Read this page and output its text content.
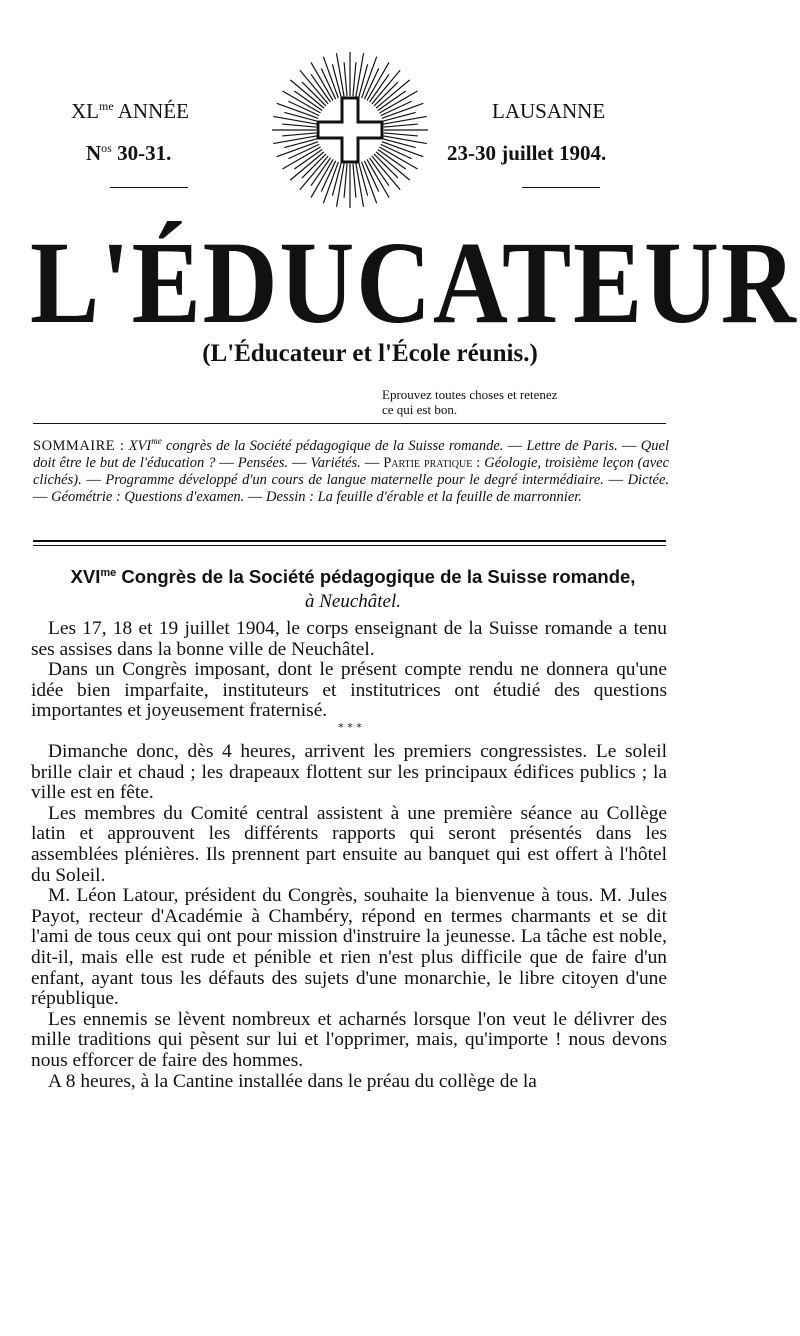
$XL^{me}$ ANNÉE
$N^{os}$ 30-31.
LAUSANNE
23-30 juillet 1904.
L'ÉDUCATEUR
(L'Éducateur et l'École réunis.)
Eprouvez toutes choses et retenez
ce qui est bon.
SOMMAIRE : $XVI^{me}$ congrès de la Société pédagogique de la Suisse romande. — Lettre de Paris. — Quel doit être le but de l'éducation ? — Pensées. — Variétés. — Partie pratique : Géologie, troisième leçon (avec clichés). — Programme développé d'un cours de langue maternelle pour le degré intermédiaire. — Dictée. — Géométrie : Questions d'examen. — Dessin : La feuille d'érable et la feuille de marronnier.
$XVI^{me}$ Congrès de la Société pédagogique de la Suisse romande,
à Neuchâtel.

Les 17, 18 et 19 juillet 1904, le corps enseignant de la Suisse romande a tenu ses assises dans la bonne ville de Neuchâtel.

Dans un Congrès imposant, dont le présent compte rendu ne donnera qu'une idée bien imparfaite, instituteurs et institutrices ont étudié des questions importantes et joyeusement fraternisé.

* * *

Dimanche donc, dès 4 heures, arrivent les premiers congressistes. Le soleil brille clair et chaud ; les drapeaux flottent sur les principaux édifices publics ; la ville est en fête.

Les membres du Comité central assistent à une première séance au Collège latin et approuvent les différents rapports qui seront présentés dans les assemblées plénières. Ils prennent part ensuite au banquet qui est offert à l'hôtel du Soleil.

M. Léon Latour, président du Congrès, souhaite la bienvenue à tous. M. Jules Payot, recteur d'Académie à Chambéry, répond en termes charmants et se dit l'ami de tous ceux qui ont pour mission d'instruire la jeunesse. La tâche est noble, dit-il, mais elle est rude et pénible et rien n'est plus difficile que de faire d'un enfant, ayant tous les défauts des sujets d'une monarchie, le libre citoyen d'une république.

Les ennemis se lèvent nombreux et acharnés lorsque l'on veut le délivrer des mille traditions qui pèsent sur lui et l'opprimer, mais, qu'importe ! nous devons nous efforcer de faire des hommes.

A 8 heures, à la Cantine installée dans le préau du collège de la
